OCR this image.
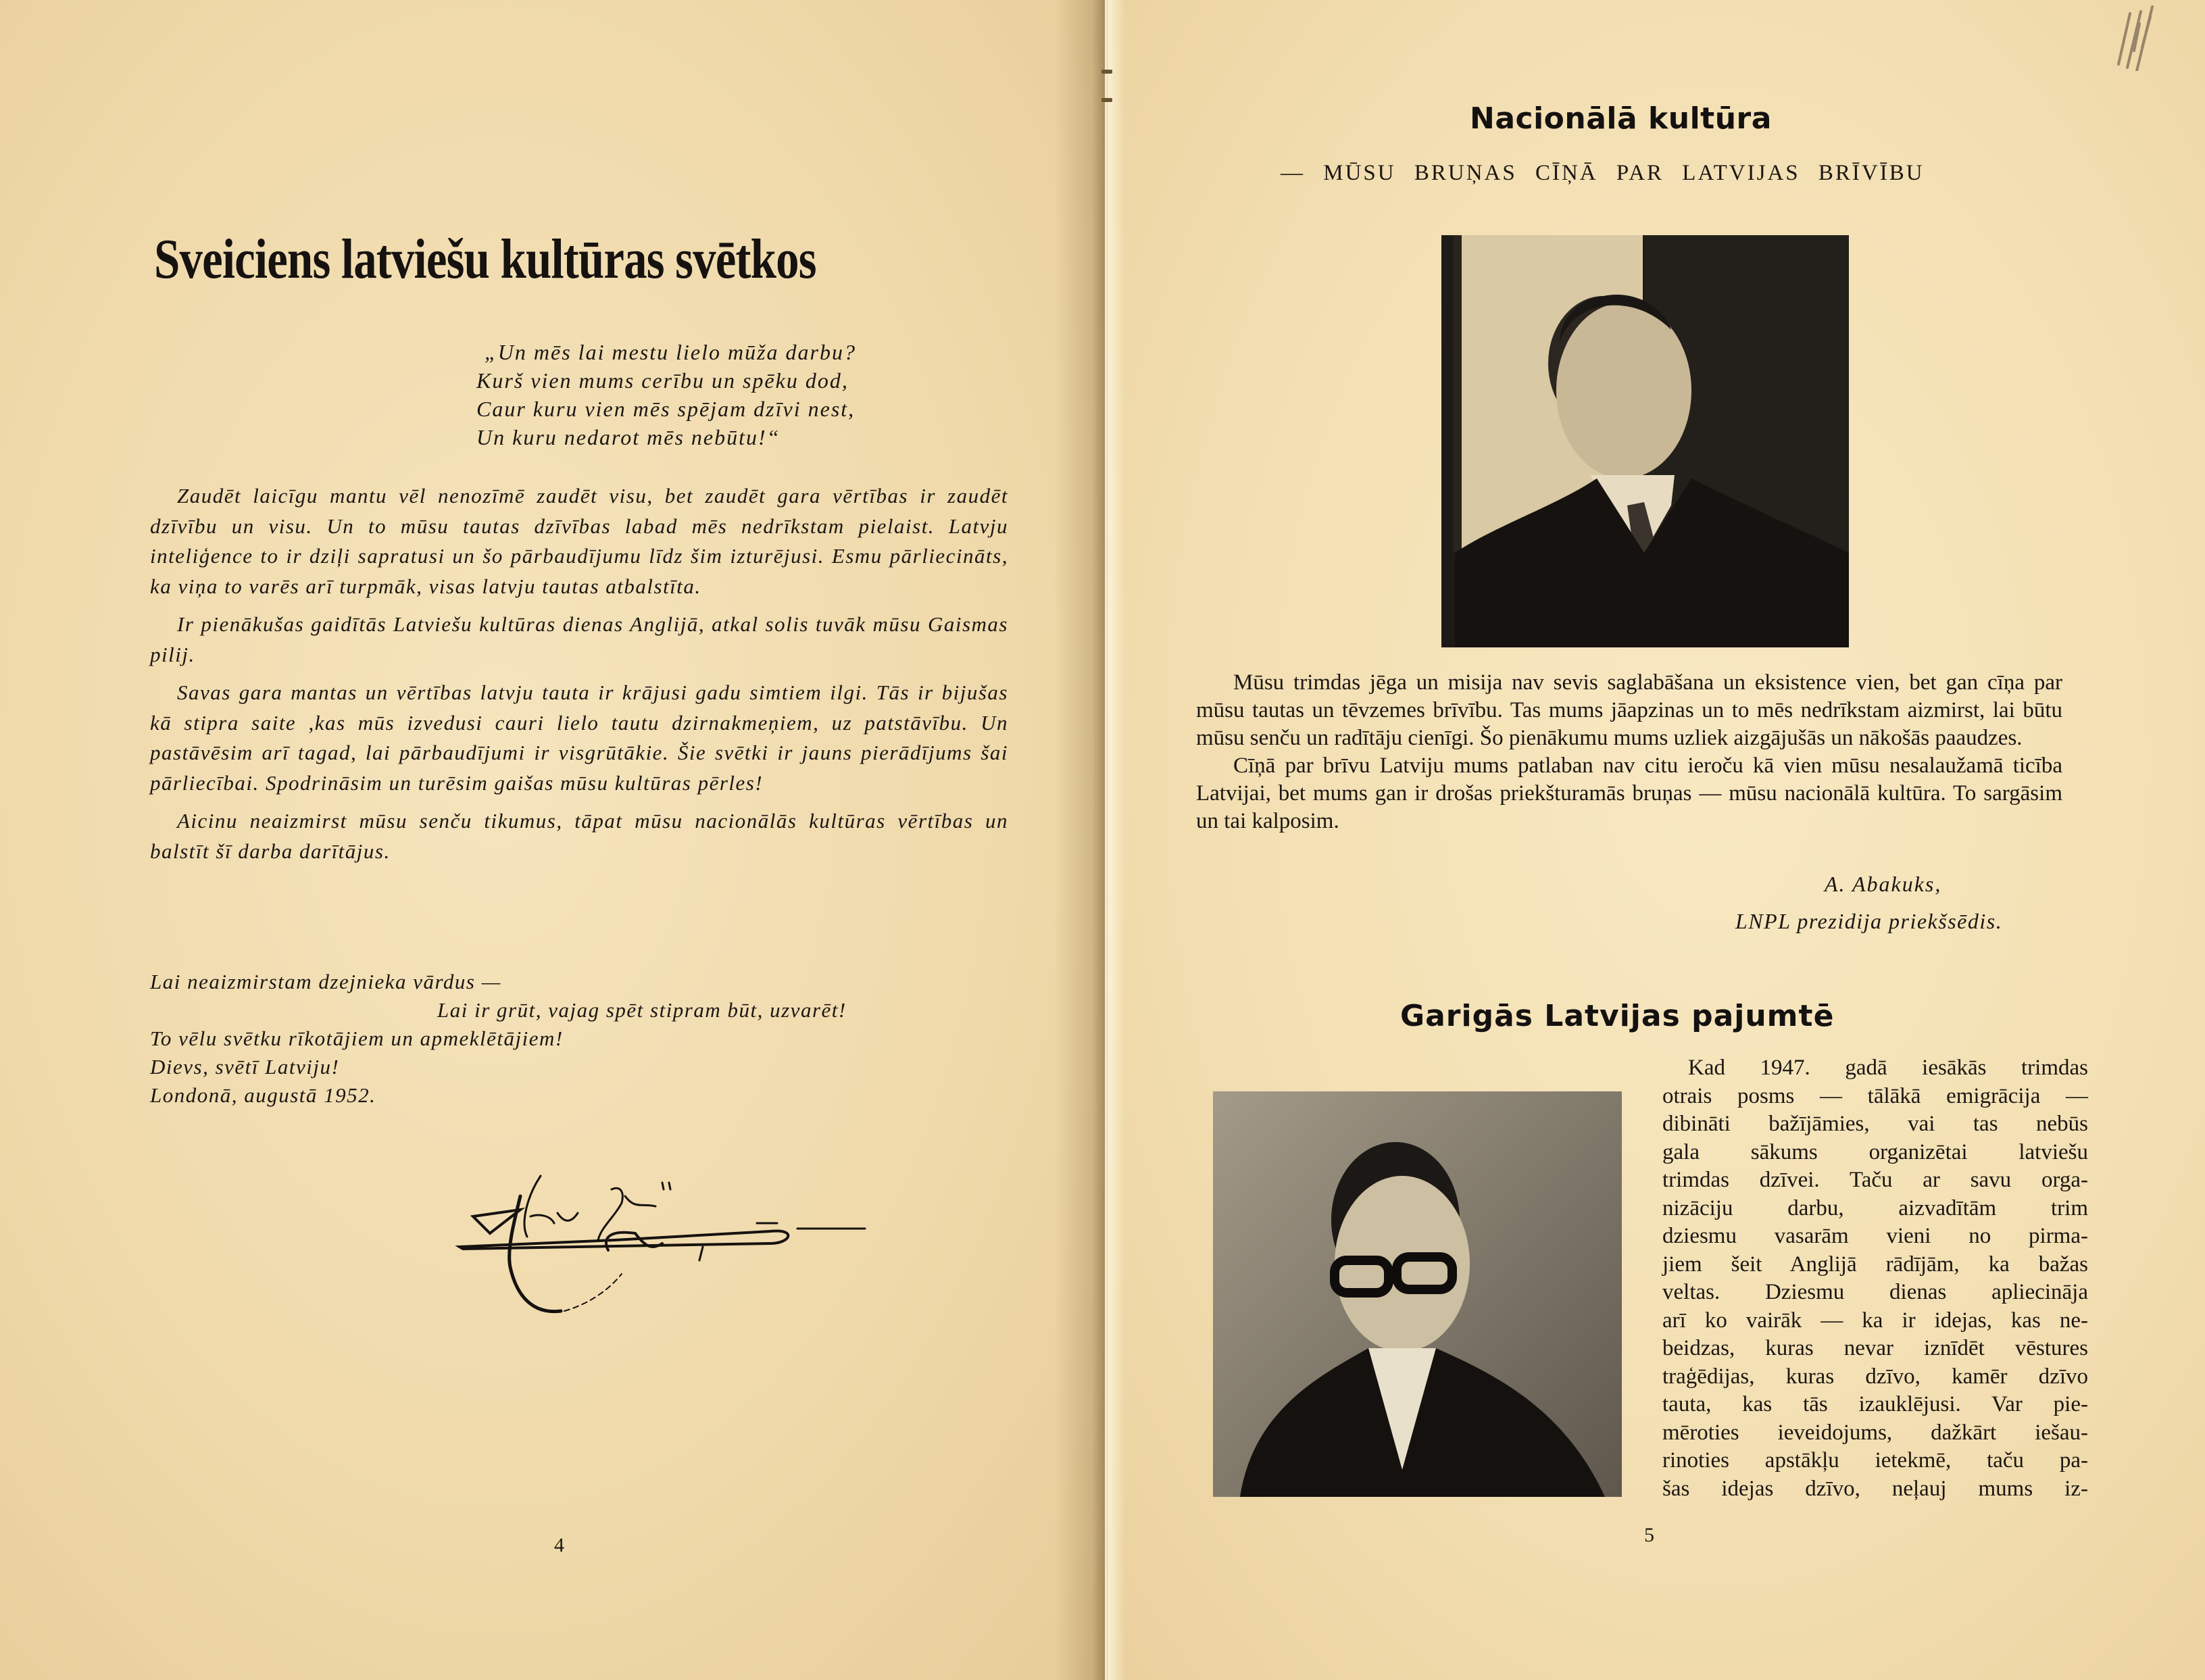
Sveiciens latviešu kultūras svētkos
„Un mēs lai mestu lielo mūža darbu?
Kurš vien mums cerību un spēku dod,
Caur kuru vien mēs spējam dzīvi nest,
Un kuru nedarot mēs nebūtu!“

Zaudēt laicīgu mantu vēl nenozīmē zaudēt visu, bet zaudēt gara vērtības ir zaudēt dzīvību un visu. Un to mūsu tautas dzīvības labad mēs nedrīkstam pielaist. Latvju inteliģence to ir dziļi sapratusi un šo pārbaudījumu līdz šim izturējusi. Esmu pārliecināts, ka viņa to varēs arī turpmāk, visas latvju tautas atbalstīta.

Ir pienākušas gaidītās Latviešu kultūras dienas Anglijā, atkal solis tuvāk mūsu Gaismas pilij.

Savas gara mantas un vērtības latvju tauta ir krājusi gadu simtiem ilgi. Tās ir bijušas kā stipra saite ,kas mūs izvedusi cauri lielo tautu dzirnakmeņiem, uz patstāvību. Un pastāvēsim arī tagad, lai pārbaudījumi ir visgrūtākie. Šie svētki ir jauns pierādījums šai pārliecībai. Spodrināsim un turēsim gaišas mūsu kultūras pērles!

Aicinu neaizmirst mūsu senču tikumus, tāpat mūsu nacionālās kultūras vērtības un balstīt šī darba darītājus.

Lai neaizmirstam dzejnieka vārdus —
Lai ir grūt, vajag spēt stipram būt, uzvarēt!
To vēlu svētku rīkotājiem un apmeklētājiem!
Dievs, svētī Latviju!
Londonā, augustā 1952.
4
Nacionālā kultūra
— MŪSU BRUŅAS CĪŅĀ PAR LATVIJAS BRĪVĪBU

Mūsu trimdas jēga un misija nav sevis saglabāšana un eksistence vien, bet gan cīņa par mūsu tautas un tēvzemes brīvību. Tas mums jāapzinas un to mēs nedrīkstam aizmirst, lai būtu mūsu senču un radītāju cienīgi. Šo pienākumu mums uzliek aizgājušās un nākošās paaudzes.

Cīņā par brīvu Latviju mums patlaban nav citu ieroču kā vien mūsu nesalaužamā ticība Latvijai, bet mums gan ir drošas priekšturamās bruņas — mūsu nacionālā kultūra. To sargāsim un tai kalposim.

A. Abakuks,
LNPL prezidija priekšsēdis.
Garigās Latvijas pajumtē
Kad 1947. gadā iesākās trimdas
otrais posms — tālākā emigrācija —
dibināti bažījāmies, vai tas nebūs
gala sākums organizētai latviešu
trimdas dzīvei. Taču ar savu orga-
nizāciju darbu, aizvadītām trim
dziesmu vasarām vieni no pirma-
jiem šeit Anglijā rādījām, ka bažas
veltas. Dziesmu dienas apliecināja
arī ko vairāk — ka ir idejas, kas ne-
beidzas, kuras nevar iznīdēt vēstures
traģēdijas, kuras dzīvo, kamēr dzīvo
tauta, kas tās izauklējusi. Var pie-
mēroties ieveidojums, dažkārt iešau-
rinoties apstākļu ietekmē, taču pa-
šas idejas dzīvo, neļauj mums iz-
5
